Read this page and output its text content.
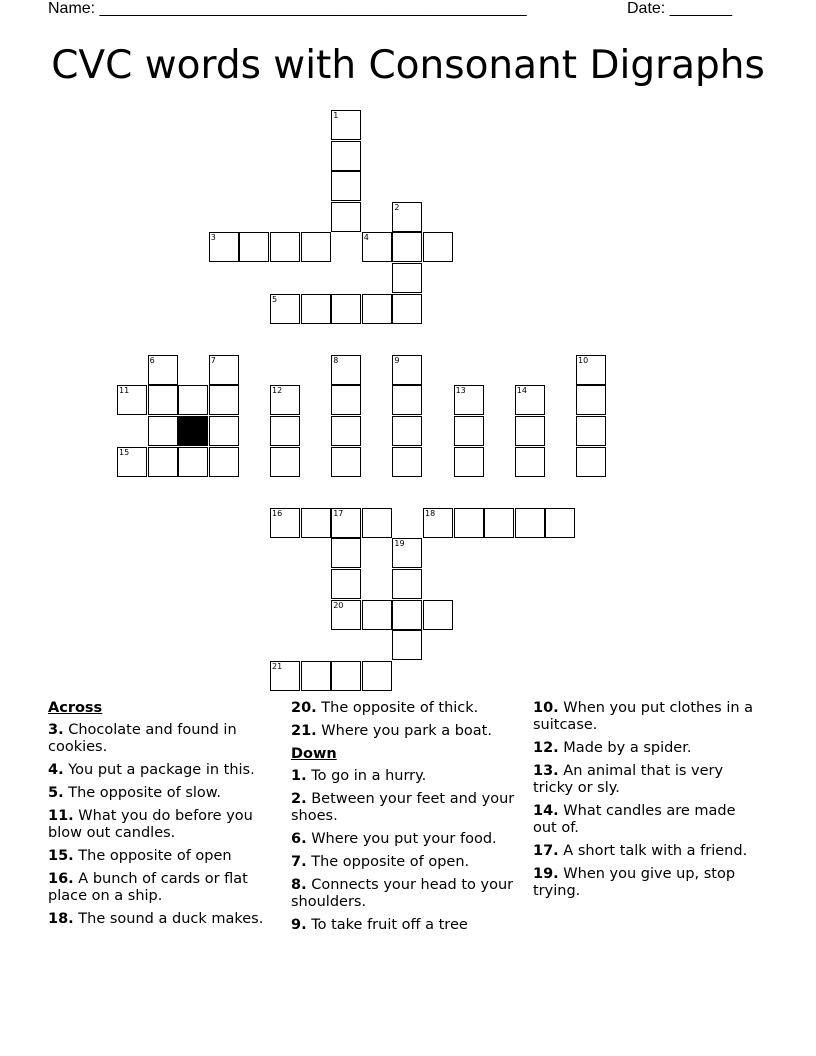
Name: ________________________________________________	Date: _______
CVC words with Consonant Digraphs
1
2
3	4
5
6	7	8	9	10
11	12	13	14
15
16	17	18
19
20
21
Across
3. Chocolate and found in cookies.
4. You put a package in this.
5. The opposite of slow.
11. What you do before you blow out candles.
15. The opposite of open
16. A bunch of cards or flat place on a ship.
18. The sound a duck makes.
20. The opposite of thick.
21. Where you park a boat.
Down
1. To go in a hurry.
2. Between your feet and your shoes.
6. Where you put your food.
7. The opposite of open.
8. Connects your head to your shoulders.
9. To take fruit off a tree
10. When you put clothes in a suitcase.
12. Made by a spider.
13. An animal that is very tricky or sly.
14. What candles are made out of.
17. A short talk with a friend.
19. When you give up, stop trying.
